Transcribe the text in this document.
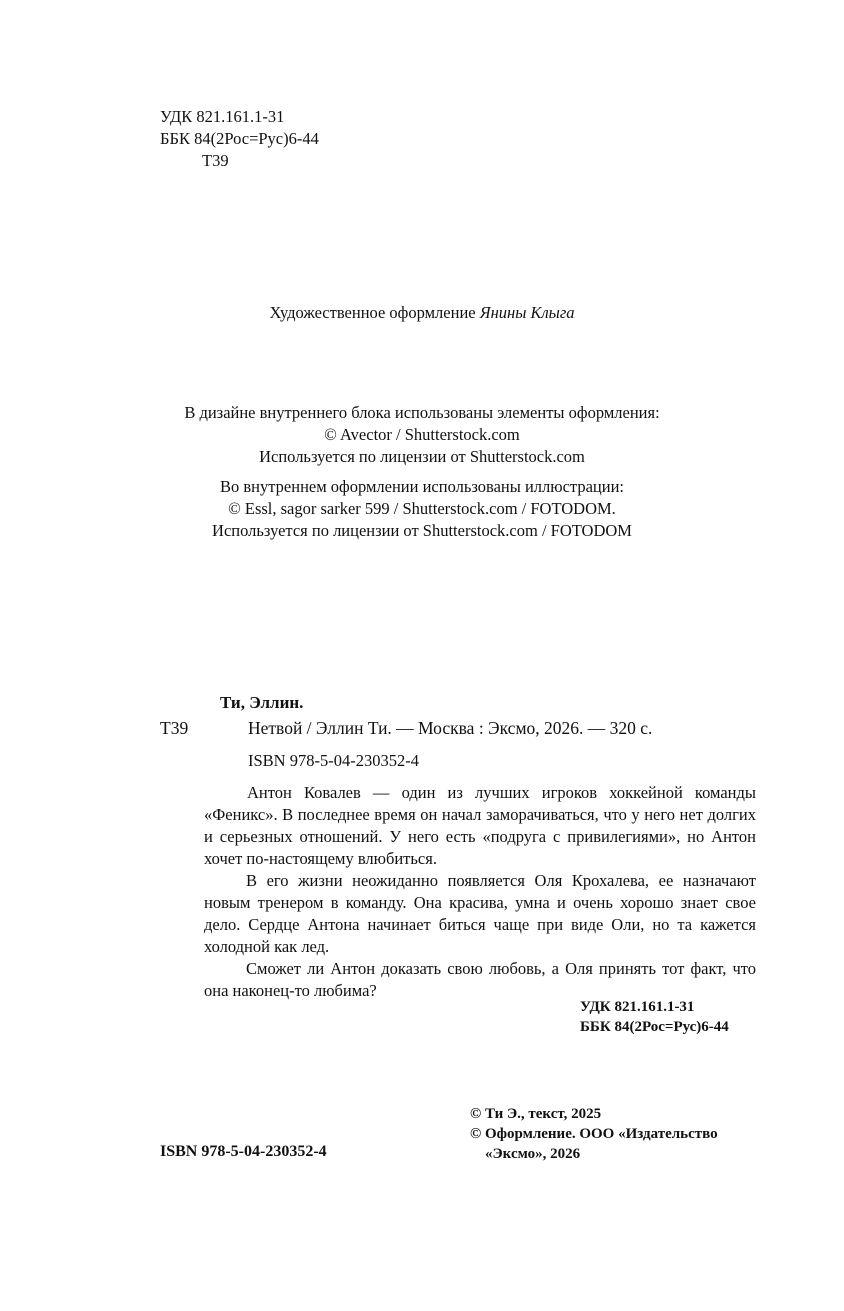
УДК 821.161.1-31
ББК 84(2Рос=Рус)6-44
Т39
Художественное оформление Янины Клыга
В дизайне внутреннего блока использованы элементы оформления:
© Avector / Shutterstock.com
Используется по лицензии от Shutterstock.com
Во внутреннем оформлении использованы иллюстрации:
© Essl, sagor sarker 599 / Shutterstock.com / FOTODOM.
Используется по лицензии от Shutterstock.com / FOTODOM
Ти, Эллин.
Т39	Нетвой / Эллин Ти. — Москва : Эксмо, 2026. — 320 с.
ISBN 978-5-04-230352-4

Антон Ковалев — один из лучших игроков хоккейной команды «Феникс». В последнее время он начал заморачиваться, что у него нет долгих и серьезных отношений. У него есть «подруга с привилегиями», но Антон хочет по-настоящему влюбиться.

В его жизни неожиданно появляется Оля Крохалева, ее назначают новым тренером в команду. Она красива, умна и очень хорошо знает свое дело. Сердце Антона начинает биться чаще при виде Оли, но та кажется холодной как лед.

Сможет ли Антон доказать свою любовь, а Оля принять тот факт, что она наконец-то любима?

УДК 821.161.1-31
ББК 84(2Рос=Рус)6-44
© Ти Э., текст, 2025
© Оформление. ООО «Издательство
«Эксмо», 2026
ISBN 978-5-04-230352-4
